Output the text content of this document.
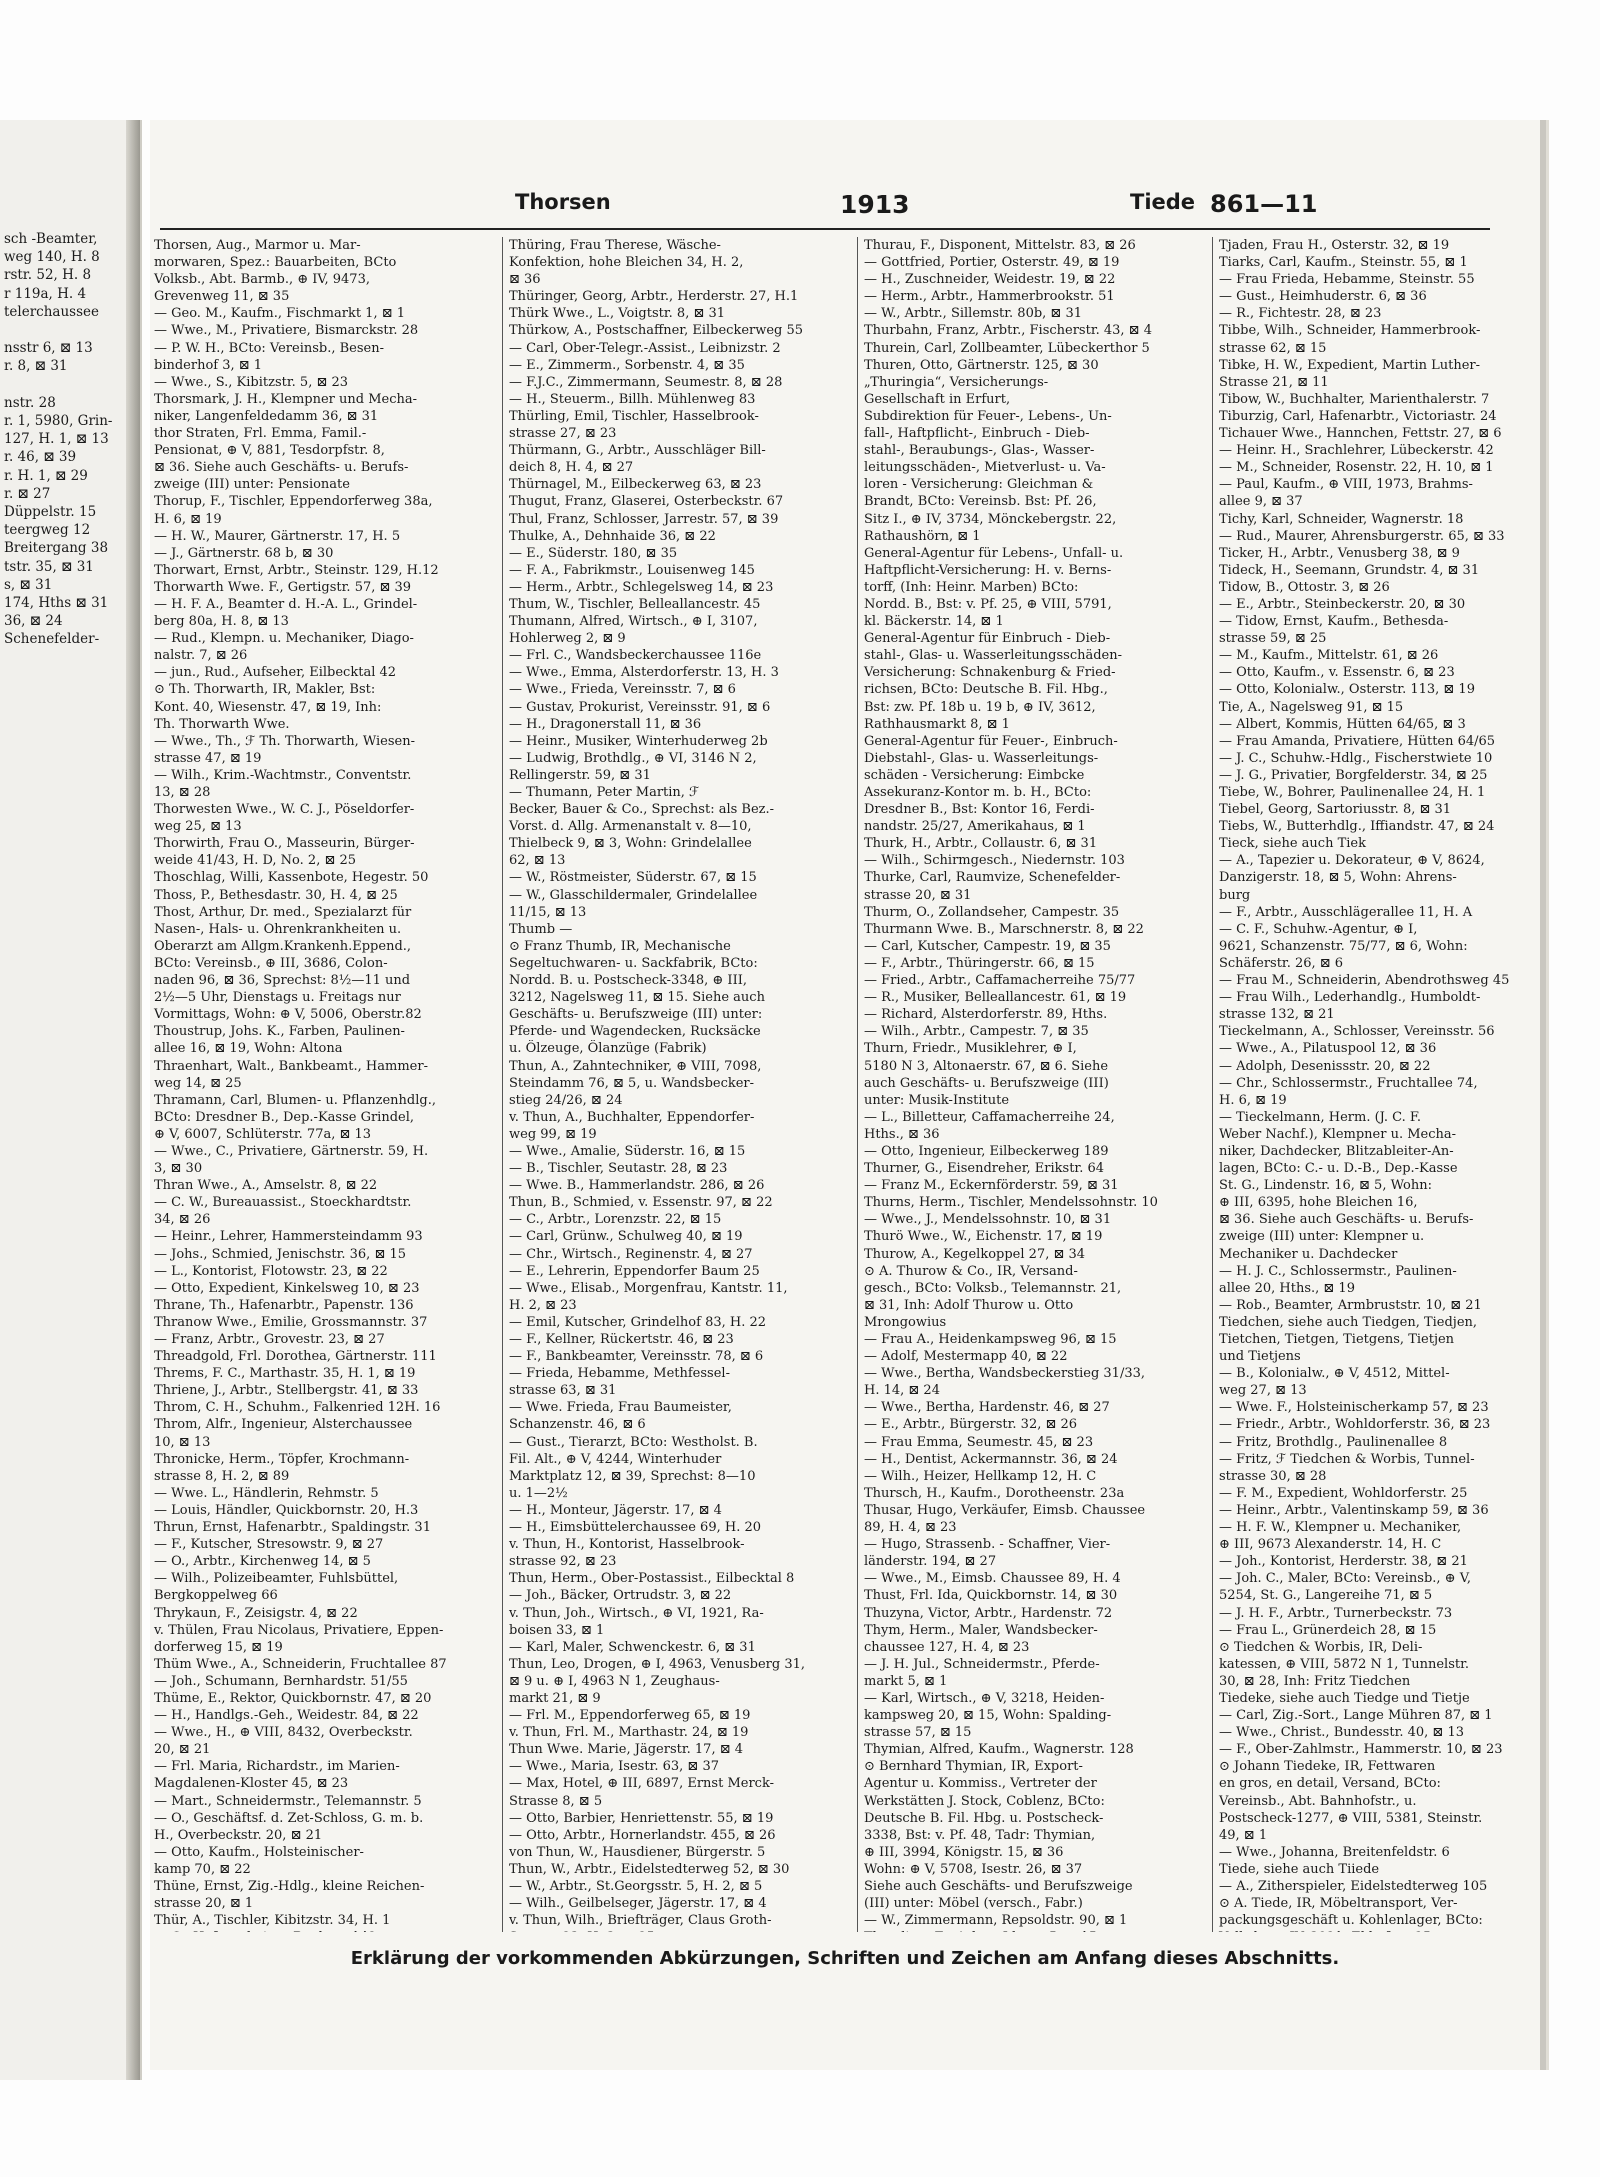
sch -Beamter,
weg 140, H. 8
rstr. 52, H. 8
r 119a, H. 4
telerchaussee

nsstr 6, ⊠ 13
r. 8, ⊠ 31

nstr. 28
r. 1, 5980, Grin-
127, H. 1, ⊠ 13
r. 46, ⊠ 39
r. H. 1, ⊠ 29
r. ⊠ 27
Düppelstr. 15
teergweg 12
Breitergang 38
tstr. 35, ⊠ 31
s, ⊠ 31
174, Hths ⊠ 31
36, ⊠ 24
Schenefelder-
Thorsen	1913	Tiede 861—11

Thorsen, Aug., Marmor u. Mar-

morwaren, Spez.: Bauarbeiten, BCto

Volksb., Abt. Barmb., ⊕ IV, 9473,

Grevenweg 11, ⊠ 35

— Geo. M., Kaufm., Fischmarkt 1, ⊠ 1

— Wwe., M., Privatiere, Bismarckstr. 28

— P. W. H., BCto: Vereinsb., Besen-

binderhof 3, ⊠ 1

— Wwe., S., Kibitzstr. 5, ⊠ 23

Thorsmark, J. H., Klempner und Mecha-

niker, Langenfeldedamm 36, ⊠ 31

thor Straten, Frl. Emma, Famil.-

Pensionat, ⊕ V, 881, Tesdorpfstr. 8,

⊠ 36. Siehe auch Geschäfts- u. Berufs-

zweige (III) unter: Pensionate

Thorup, F., Tischler, Eppendorferweg 38a,

H. 6, ⊠ 19

— H. W., Maurer, Gärtnerstr. 17, H. 5

— J., Gärtnerstr. 68 b, ⊠ 30

Thorwart, Ernst, Arbtr., Steinstr. 129, H.12

Thorwarth Wwe. F., Gertigstr. 57, ⊠ 39

— H. F. A., Beamter d. H.-A. L., Grindel-

berg 80a, H. 8, ⊠ 13

— Rud., Klempn. u. Mechaniker, Diago-

nalstr. 7, ⊠ 26

— jun., Rud., Aufseher, Eilbecktal 42

⊙ Th. Thorwarth, IR, Makler, Bst:

Kont. 40, Wiesenstr. 47, ⊠ 19, Inh:

Th. Thorwarth Wwe.

— Wwe., Th., ℱ Th. Thorwarth, Wiesen-

strasse 47, ⊠ 19

— Wilh., Krim.-Wachtmstr., Conventstr.

13, ⊠ 28

Thorwesten Wwe., W. C. J., Pöseldorfer-

weg 25, ⊠ 13

Thorwirth, Frau O., Masseurin, Bürger-

weide 41/43, H. D, No. 2, ⊠ 25

Thoschlag, Willi, Kassenbote, Hegestr. 50

Thoss, P., Bethesdastr. 30, H. 4, ⊠ 25

Thost, Arthur, Dr. med., Spezialarzt für

Nasen-, Hals- u. Ohrenkrankheiten u.

Oberarzt am Allgm.Krankenh.Eppend.,

BCto: Vereinsb., ⊕ III, 3686, Colon-

naden 96, ⊠ 36, Sprechst: 8½—11 und

2½—5 Uhr, Dienstags u. Freitags nur

Vormittags, Wohn: ⊕ V, 5006, Oberstr.82

Thoustrup, Johs. K., Farben, Paulinen-

allee 16, ⊠ 19, Wohn: Altona

Thraenhart, Walt., Bankbeamt., Hammer-

weg 14, ⊠ 25

Thramann, Carl, Blumen- u. Pflanzenhdlg.,

BCto: Dresdner B., Dep.-Kasse Grindel,

⊕ V, 6007, Schlüterstr. 77a, ⊠ 13

— Wwe., C., Privatiere, Gärtnerstr. 59, H.

3, ⊠ 30

Thran Wwe., A., Amselstr. 8, ⊠ 22

— C. W., Bureauassist., Stoeckhardtstr.

34, ⊠ 26

— Heinr., Lehrer, Hammersteindamm 93

— Johs., Schmied, Jenischstr. 36, ⊠ 15

— L., Kontorist, Flotowstr. 23, ⊠ 22

— Otto, Expedient, Kinkelsweg 10, ⊠ 23

Thrane, Th., Hafenarbtr., Papenstr. 136

Thranow Wwe., Emilie, Grossmannstr. 37

— Franz, Arbtr., Grovestr. 23, ⊠ 27

Threadgold, Frl. Dorothea, Gärtnerstr. 111

Threms, F. C., Marthastr. 35, H. 1, ⊠ 19

Thriene, J., Arbtr., Stellbergstr. 41, ⊠ 33

Throm, C. H., Schuhm., Falkenried 12H. 16

Throm, Alfr., Ingenieur, Alsterchaussee

10, ⊠ 13

Thronicke, Herm., Töpfer, Krochmann-

strasse 8, H. 2, ⊠ 89

— Wwe. L., Händlerin, Rehmstr. 5

— Louis, Händler, Quickbornstr. 20, H.3

Thrun, Ernst, Hafenarbtr., Spaldingstr. 31

— F., Kutscher, Stresowstr. 9, ⊠ 27

— O., Arbtr., Kirchenweg 14, ⊠ 5

— Wilh., Polizeibeamter, Fuhlsbüttel,

Bergkoppelweg 66

Thrykaun, F., Zeisigstr. 4, ⊠ 22

v. Thülen, Frau Nicolaus, Privatiere, Eppen-

dorferweg 15, ⊠ 19

Thüm Wwe., A., Schneiderin, Fruchtallee 87

— Joh., Schumann, Bernhardstr. 51/55

Thüme, E., Rektor, Quickbornstr. 47, ⊠ 20

— H., Handlgs.-Geh., Weidestr. 84, ⊠ 22

— Wwe., H., ⊕ VIII, 8432, Overbeckstr.

20, ⊠ 21

— Frl. Maria, Richardstr., im Marien-

Magdalenen-Kloster 45, ⊠ 23

— Mart., Schneidermstr., Telemannstr. 5

— O., Geschäftsf. d. Zet-Schloss, G. m. b.

H., Overbeckstr. 20, ⊠ 21

— Otto, Kaufm., Holsteinischer-

kamp 70, ⊠ 22

Thüne, Ernst, Zig.-Hdlg., kleine Reichen-

strasse 20, ⊠ 1

Thür, A., Tischler, Kibitzstr. 34, H. 1

Thüring, Frau Therese, Wäsche-

Konfektion, hohe Bleichen 34, H. 2,

⊠ 36

Thüringer, Georg, Arbtr., Herderstr. 27, H.1

Thürk Wwe., L., Voigtstr. 8, ⊠ 31

Thürkow, A., Postschaffner, Eilbeckerweg 55

— Carl, Ober-Telegr.-Assist., Leibnizstr. 2

— E., Zimmerm., Sorbenstr. 4, ⊠ 35

— F.J.C., Zimmermann, Seumestr. 8, ⊠ 28

— H., Steuerm., Billh. Mühlenweg 83

Thürling, Emil, Tischler, Hasselbrook-

strasse 27, ⊠ 23

Thürmann, G., Arbtr., Ausschläger Bill-

deich 8, H. 4, ⊠ 27

Thürnagel, M., Eilbeckerweg 63, ⊠ 23

Thugut, Franz, Glaserei, Osterbeckstr. 67

Thul, Franz, Schlosser, Jarrestr. 57, ⊠ 39

Thulke, A., Dehnhaide 36, ⊠ 22

— E., Süderstr. 180, ⊠ 35

— F. A., Fabrikmstr., Louisenweg 145

— Herm., Arbtr., Schlegelsweg 14, ⊠ 23

Thum, W., Tischler, Belleallancestr. 45

Thumann, Alfred, Wirtsch., ⊕ I, 3107,

Hohlerweg 2, ⊠ 9

— Frl. C., Wandsbeckerchaussee 116e

— Wwe., Emma, Alsterdorferstr. 13, H. 3

— Wwe., Frieda, Vereinsstr. 7, ⊠ 6

— Gustav, Prokurist, Vereinsstr. 91, ⊠ 6

— H., Dragonerstall 11, ⊠ 36

— Heinr., Musiker, Winterhuderweg 2b

— Ludwig, Brothdlg., ⊕ VI, 3146 N 2,

Rellingerstr. 59, ⊠ 31

— Thumann, Peter Martin, ℱ

Becker, Bauer & Co., Sprechst: als Bez.-

Vorst. d. Allg. Armenanstalt v. 8—10,

Thielbeck 9, ⊠ 3, Wohn: Grindelallee

62, ⊠ 13

— W., Röstmeister, Süderstr. 67, ⊠ 15

— W., Glasschildermaler, Grindelallee

11/15, ⊠ 13

Thumb —

⊙ Franz Thumb, IR, Mechanische

Segeltuchwaren- u. Sackfabrik, BCto:

Nordd. B. u. Postscheck-3348, ⊕ III,

3212, Nagelsweg 11, ⊠ 15. Siehe auch

Geschäfts- u. Berufszweige (III) unter:

Pferde- und Wagendecken, Rucksäcke

u. Ölzeuge, Ölanzüge (Fabrik)

Thun, A., Zahntechniker, ⊕ VIII, 7098,

Steindamm 76, ⊠ 5, u. Wandsbecker-

stieg 24/26, ⊠ 24

v. Thun, A., Buchhalter, Eppendorfer-

weg 99, ⊠ 19

— Wwe., Amalie, Süderstr. 16, ⊠ 15

— B., Tischler, Seutastr. 28, ⊠ 23

— Wwe. B., Hammerlandstr. 286, ⊠ 26

Thun, B., Schmied, v. Essenstr. 97, ⊠ 22

— C., Arbtr., Lorenzstr. 22, ⊠ 15

— Carl, Grünw., Schulweg 40, ⊠ 19

— Chr., Wirtsch., Reginenstr. 4, ⊠ 27

— E., Lehrerin, Eppendorfer Baum 25

— Wwe., Elisab., Morgenfrau, Kantstr. 11,

H. 2, ⊠ 23

— Emil, Kutscher, Grindelhof 83, H. 22

— F., Kellner, Rückertstr. 46, ⊠ 23

— F., Bankbeamter, Vereinsstr. 78, ⊠ 6

— Frieda, Hebamme, Methfessel-

strasse 63, ⊠ 31

— Wwe. Frieda, Frau Baumeister,

Schanzenstr. 46, ⊠ 6

— Gust., Tierarzt, BCto: Westholst. B.

Fil. Alt., ⊕ V, 4244, Winterhuder

Marktplatz 12, ⊠ 39, Sprechst: 8—10

u. 1—2½

— H., Monteur, Jägerstr. 17, ⊠ 4

— H., Eimsbüttelerchaussee 69, H. 20

v. Thun, H., Kontorist, Hasselbrook-

strasse 92, ⊠ 23

Thun, Herm., Ober-Postassist., Eilbecktal 8

— Joh., Bäcker, Ortrudstr. 3, ⊠ 22

v. Thun, Joh., Wirtsch., ⊕ VI, 1921, Ra-

boisen 33, ⊠ 1

— Karl, Maler, Schwenckestr. 6, ⊠ 31

Thun, Leo, Drogen, ⊕ I, 4963, Venusberg 31,

⊠ 9 u. ⊕ I, 4963 N 1, Zeughaus-

markt 21, ⊠ 9

— Frl. M., Eppendorferweg 65, ⊠ 19

v. Thun, Frl. M., Marthastr. 24, ⊠ 19

Thun Wwe. Marie, Jägerstr. 17, ⊠ 4

— Wwe., Maria, Isestr. 63, ⊠ 37

— Max, Hotel, ⊕ III, 6897, Ernst Merck-

Strasse 8, ⊠ 5

— Otto, Barbier, Henriettenstr. 55, ⊠ 19

— Otto, Arbtr., Hornerlandstr. 455, ⊠ 26

von Thun, W., Hausdiener, Bürgerstr. 5

Thun, W., Arbtr., Eidelstedterweg 52, ⊠ 30

— W., Arbtr., St.Georgsstr. 5, H. 2, ⊠ 5

— Wilh., Geilbelseger, Jägerstr. 17, ⊠ 4

v. Thun, Wilh., Briefträger, Claus Groth-

Thurau, F., Disponent, Mittelstr. 83, ⊠ 26

— Gottfried, Portier, Osterstr. 49, ⊠ 19

— H., Zuschneider, Weidestr. 19, ⊠ 22

— Herm., Arbtr., Hammerbrookstr. 51

— W., Arbtr., Sillemstr. 80b, ⊠ 31

Thurbahn, Franz, Arbtr., Fischerstr. 43, ⊠ 4

Thurein, Carl, Zollbeamter, Lübeckerthor 5

Thuren, Otto, Gärtnerstr. 125, ⊠ 30

„Thuringia“, Versicherungs-

Gesellschaft in Erfurt,

Subdirektion für Feuer-, Lebens-, Un-

fall-, Haftpflicht-, Einbruch - Dieb-

stahl-, Beraubungs-, Glas-, Wasser-

leitungsschäden-, Mietverlust- u. Va-

loren - Versicherung: Gleichman &

Brandt, BCto: Vereinsb. Bst: Pf. 26,

Sitz I., ⊕ IV, 3734, Mönckebergstr. 22,

Rathaushörn, ⊠ 1

General-Agentur für Lebens-, Unfall- u.

Haftpflicht-Versicherung: H. v. Berns-

torff, (Inh: Heinr. Marben) BCto:

Nordd. B., Bst: v. Pf. 25, ⊕ VIII, 5791,

kl. Bäckerstr. 14, ⊠ 1

General-Agentur für Einbruch - Dieb-

stahl-, Glas- u. Wasserleitungsschäden-

Versicherung: Schnakenburg & Fried-

richsen, BCto: Deutsche B. Fil. Hbg.,

Bst: zw. Pf. 18b u. 19 b, ⊕ IV, 3612,

Rathhausmarkt 8, ⊠ 1

General-Agentur für Feuer-, Einbruch-

Diebstahl-, Glas- u. Wasserleitungs-

schäden - Versicherung: Eimbcke

Assekuranz-Kontor m. b. H., BCto:

Dresdner B., Bst: Kontor 16, Ferdi-

nandstr. 25/27, Amerikahaus, ⊠ 1

Thurk, H., Arbtr., Collaustr. 6, ⊠ 31

— Wilh., Schirmgesch., Niedernstr. 103

Thurke, Carl, Raumvize, Schenefelder-

strasse 20, ⊠ 31

Thurm, O., Zollandseher, Campestr. 35

Thurmann Wwe. B., Marschnerstr. 8, ⊠ 22

— Carl, Kutscher, Campestr. 19, ⊠ 35

— F., Arbtr., Thüringerstr. 66, ⊠ 15

— Fried., Arbtr., Caffamacherreihe 75/77

— R., Musiker, Belleallancestr. 61, ⊠ 19

— Richard, Alsterdorferstr. 89, Hths.

— Wilh., Arbtr., Campestr. 7, ⊠ 35

Thurn, Friedr., Musiklehrer, ⊕ I,

5180 N 3, Altonaerstr. 67, ⊠ 6. Siehe

auch Geschäfts- u. Berufszweige (III)

unter: Musik-Institute

— L., Billetteur, Caffamacherreihe 24,

Hths., ⊠ 36

— Otto, Ingenieur, Eilbeckerweg 189

Thurner, G., Eisendreher, Erikstr. 64

— Franz M., Eckernförderstr. 59, ⊠ 31

Thurns, Herm., Tischler, Mendelssohnstr. 10

— Wwe., J., Mendelssohnstr. 10, ⊠ 31

Thurö Wwe., W., Eichenstr. 17, ⊠ 19

Thurow, A., Kegelkoppel 27, ⊠ 34

⊙ A. Thurow & Co., IR, Versand-

gesch., BCto: Volksb., Telemannstr. 21,

⊠ 31, Inh: Adolf Thurow u. Otto

Mrongowius

— Frau A., Heidenkampsweg 96, ⊠ 15

— Adolf, Mestermapp 40, ⊠ 22

— Wwe., Bertha, Wandsbeckerstieg 31/33,

H. 14, ⊠ 24

— Wwe., Bertha, Hardenstr. 46, ⊠ 27

— E., Arbtr., Bürgerstr. 32, ⊠ 26

— Frau Emma, Seumestr. 45, ⊠ 23

— H., Dentist, Ackermannstr. 36, ⊠ 24

— Wilh., Heizer, Hellkamp 12, H. C

Thursch, H., Kaufm., Dorotheenstr. 23a

Thusar, Hugo, Verkäufer, Eimsb. Chaussee

89, H. 4, ⊠ 23

— Hugo, Strassenb. - Schaffner, Vier-

länderstr. 194, ⊠ 27

— Wwe., M., Eimsb. Chaussee 89, H. 4

Thust, Frl. Ida, Quickbornstr. 14, ⊠ 30

Thuzyna, Victor, Arbtr., Hardenstr. 72

Thym, Herm., Maler, Wandsbecker-

chaussee 127, H. 4, ⊠ 23

— J. H. Jul., Schneidermstr., Pferde-

markt 5, ⊠ 1

— Karl, Wirtsch., ⊕ V, 3218, Heiden-

kampsweg 20, ⊠ 15, Wohn: Spalding-

strasse 57, ⊠ 15

Thymian, Alfred, Kaufm., Wagnerstr. 128

⊙ Bernhard Thymian, IR, Export-

Agentur u. Kommiss., Vertreter der

Werkstätten J. Stock, Coblenz, BCto:

Deutsche B. Fil. Hbg. u. Postscheck-

3338, Bst: v. Pf. 48, Tadr: Thymian,

⊕ III, 3994, Königstr. 15, ⊠ 36

Wohn: ⊕ V, 5708, Isestr. 26, ⊠ 37

Siehe auch Geschäfts- und Berufszweige

(III) unter: Möbel (versch., Fabr.)

— W., Zimmermann, Repsoldstr. 90, ⊠ 1

Tjaden, Frau H., Osterstr. 32, ⊠ 19

Tiarks, Carl, Kaufm., Steinstr. 55, ⊠ 1

— Frau Frieda, Hebamme, Steinstr. 55

— Gust., Heimhuderstr. 6, ⊠ 36

— R., Fichtestr. 28, ⊠ 23

Tibbe, Wilh., Schneider, Hammerbrook-

strasse 62, ⊠ 15

Tibke, H. W., Expedient, Martin Luther-

Strasse 21, ⊠ 11

Tibow, W., Buchhalter, Marienthalerstr. 7

Tiburzig, Carl, Hafenarbtr., Victoriastr. 24

Tichauer Wwe., Hannchen, Fettstr. 27, ⊠ 6

— Heinr. H., Srachlehrer, Lübeckerstr. 42

— M., Schneider, Rosenstr. 22, H. 10, ⊠ 1

— Paul, Kaufm., ⊕ VIII, 1973, Brahms-

allee 9, ⊠ 37

Tichy, Karl, Schneider, Wagnerstr. 18

— Rud., Maurer, Ahrensburgerstr. 65, ⊠ 33

Ticker, H., Arbtr., Venusberg 38, ⊠ 9

Tideck, H., Seemann, Grundstr. 4, ⊠ 31

Tidow, B., Ottostr. 3, ⊠ 26

— E., Arbtr., Steinbeckerstr. 20, ⊠ 30

— Tidow, Ernst, Kaufm., Bethesda-

strasse 59, ⊠ 25

— M., Kaufm., Mittelstr. 61, ⊠ 26

— Otto, Kaufm., v. Essenstr. 6, ⊠ 23

— Otto, Kolonialw., Osterstr. 113, ⊠ 19

Tie, A., Nagelsweg 91, ⊠ 15

— Albert, Kommis, Hütten 64/65, ⊠ 3

— Frau Amanda, Privatiere, Hütten 64/65

— J. C., Schuhw.-Hdlg., Fischerstwiete 10

— J. G., Privatier, Borgfelderstr. 34, ⊠ 25

Tiebe, W., Bohrer, Paulinenallee 24, H. 1

Tiebel, Georg, Sartoriusstr. 8, ⊠ 31

Tiebs, W., Butterhdlg., Iffiandstr. 47, ⊠ 24

Tieck, siehe auch Tiek

— A., Tapezier u. Dekorateur, ⊕ V, 8624,

Danzigerstr. 18, ⊠ 5, Wohn: Ahrens-

burg

— F., Arbtr., Ausschlägerallee 11, H. A

— C. F., Schuhw.-Agentur, ⊕ I,

9621, Schanzenstr. 75/77, ⊠ 6, Wohn:

Schäferstr. 26, ⊠ 6

— Frau M., Schneiderin, Abendrothsweg 45

— Frau Wilh., Lederhandlg., Humboldt-

strasse 132, ⊠ 21

Tieckelmann, A., Schlosser, Vereinsstr. 56

— Wwe., A., Pilatuspool 12, ⊠ 36

— Adolph, Desenissstr. 20, ⊠ 22

— Chr., Schlossermstr., Fruchtallee 74,

H. 6, ⊠ 19

— Tieckelmann, Herm. (J. C. F.

Weber Nachf.), Klempner u. Mecha-

niker, Dachdecker, Blitzableiter-An-

lagen, BCto: C.- u. D.-B., Dep.-Kasse

St. G., Lindenstr. 16, ⊠ 5, Wohn:

⊕ III, 6395, hohe Bleichen 16,

⊠ 36. Siehe auch Geschäfts- u. Berufs-

zweige (III) unter: Klempner u.

Mechaniker u. Dachdecker

— H. J. C., Schlossermstr., Paulinen-

allee 20, Hths., ⊠ 19

— Rob., Beamter, Armbruststr. 10, ⊠ 21

Tiedchen, siehe auch Tiedgen, Tiedjen,

Tietchen, Tietgen, Tietgens, Tietjen

und Tietjens

— B., Kolonialw., ⊕ V, 4512, Mittel-

weg 27, ⊠ 13

— Wwe. F., Holsteinischerkamp 57, ⊠ 23

— Friedr., Arbtr., Wohldorferstr. 36, ⊠ 23

— Fritz, Brothdlg., Paulinenallee 8

— Fritz, ℱ Tiedchen & Worbis, Tunnel-

strasse 30, ⊠ 28

— F. M., Expedient, Wohldorferstr. 25

— Heinr., Arbtr., Valentinskamp 59, ⊠ 36

— H. F. W., Klempner u. Mechaniker,

⊕ III, 9673 Alexanderstr. 14, H. C

— Joh., Kontorist, Herderstr. 38, ⊠ 21

— Joh. C., Maler, BCto: Vereinsb., ⊕ V,

5254, St. G., Langereihe 71, ⊠ 5

— J. H. F., Arbtr., Turnerbeckstr. 73

— Frau L., Grünerdeich 28, ⊠ 15

⊙ Tiedchen & Worbis, IR, Deli-

katessen, ⊕ VIII, 5872 N 1, Tunnelstr.

30, ⊠ 28, Inh: Fritz Tiedchen

Tiedeke, siehe auch Tiedge und Tietje

— Carl, Zig.-Sort., Lange Mühren 87, ⊠ 1

— Wwe., Christ., Bundesstr. 40, ⊠ 13

— F., Ober-Zahlmstr., Hammerstr. 10, ⊠ 23

⊙ Johann Tiedeke, IR, Fettwaren

en gros, en detail, Versand, BCto:

Vereinsb., Abt. Bahnhofstr., u.

Postscheck-1277, ⊕ VIII, 5381, Steinstr.

49, ⊠ 1

— Wwe., Johanna, Breitenfeldstr. 6

Tiede, siehe auch Tiiede

— A., Zitherspieler, Eidelstedterweg 105

⊙ A. Tiede, IR, Möbeltransport, Ver-

packungsgeschäft u. Kohlenlager, BCto:

Erklärung der vorkommenden Abkürzungen, Schriften und Zeichen am Anfang dieses Abschnitts.
